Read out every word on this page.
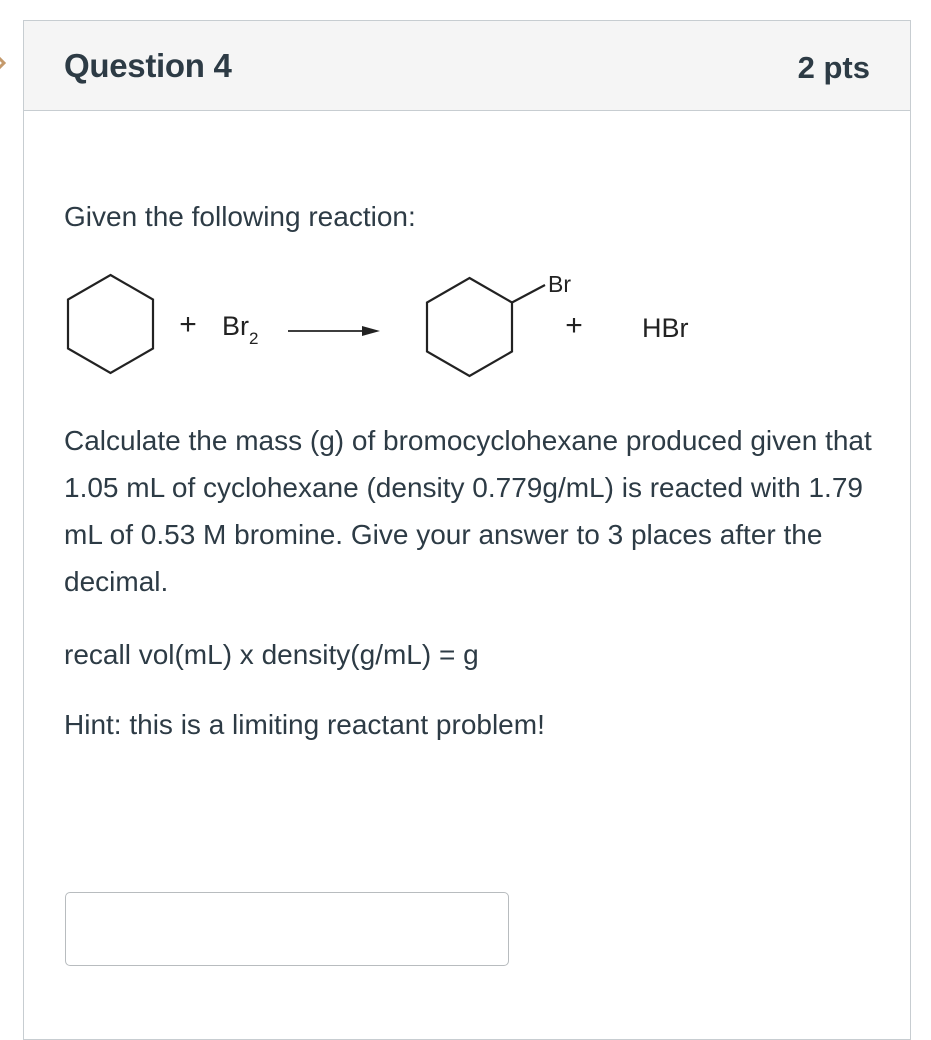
Question 4	2 pts
Given the following reaction:
+ $Br_2$
Br
+ HBr
Calculate the mass (g) of bromocyclohexane produced given that 1.05 mL of cyclohexane (density 0.779g/mL) is reacted with 1.79 mL of 0.53 M bromine. Give your answer to 3 places after the decimal.
recall vol(mL) x density(g/mL) = g
Hint: this is a limiting reactant problem!
